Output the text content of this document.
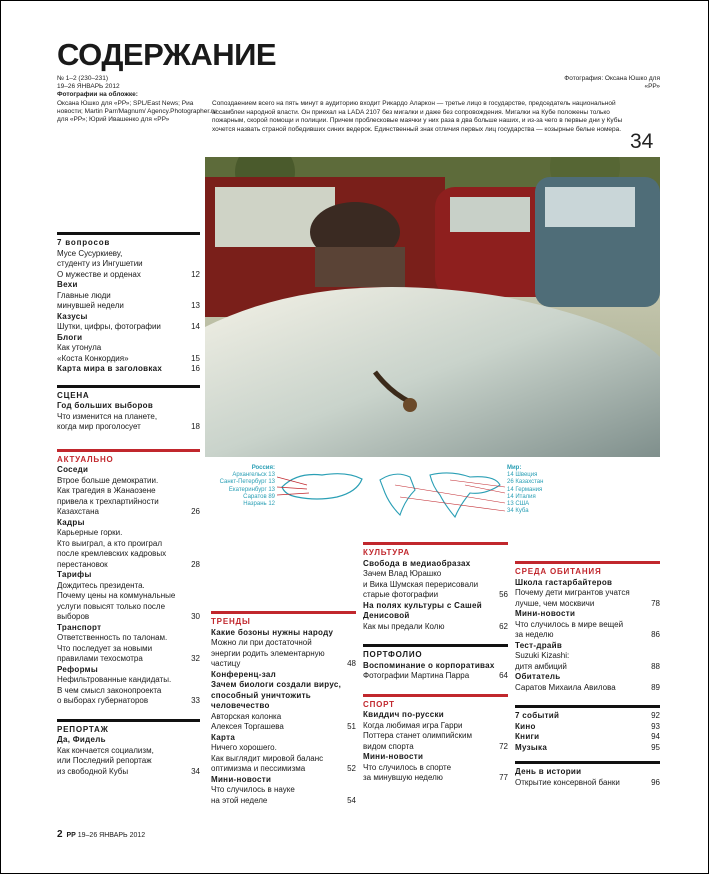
СОДЕРЖАНИЕ
№ 1–2 (230–231)
19–26 ЯНВАРЬ 2012
Фотографии на обложке:
Оксана Юшко для «РР»; SPL/East News; Риа новости; Martin Parr/Magnum/ Agency.Photographer.ru для «РР»; Юрий Ивашенко для «РР»
Фотография: Оксана Юшко для «РР»
Сопоздаением всего на пять минут в аудиторию входит Рикардо Аларкон — третье лицо в государстве, председатель национальной ассамблеи народной власти. Он приехал на LADA 2107 без мигалки и даже без сопровождения. Мигалки на Кубе положены только пожарным, скорой помощи и полиции. Причем проблесковые маячки у них раза в два больше наших, и из-за чего в первые дни у Кубы хочется назвать страной победивших синих ведерок. Единственный знак отличия первых лиц государства — козырные белые номера.
34
Россия:
Архангельск 13
Санкт-Петербург 13
Екатеринбург 13
Саратов 89
Назрань 12
Мир:
14 Швеция
26 Казахстан
14 Германия
14 Италия
13 США
34 Куба
7 вопросов
Мусе Сусуркиеву,
студенту из Ингушетии
О мужестве и орденах	12
Вехи
Главные люди
минувшей недели	13
Казусы
Шутки, цифры, фотографии	14
Блоги
Как утонула
«Коста Конкордия»	15
Карта мира в заголовках	16
СЦЕНА
Год больших выборов
Что изменится на планете,
когда мир проголосует	18
АКТУАЛЬНО
Соседи
Втрое больше демократии.
Как трагедия в Жанаозене
привела к трехпартийности
Казахстана	26
Кадры
Карьерные горки.
Кто выиграл, а кто проиграл
после кремлевских кадровых
перестановок	28
Тарифы
Дождитесь президента.
Почему цены на коммунальные
услуги повысят только после
выборов	30
Транспорт
Ответственность по талонам.
Что последует за новыми
правилами техосмотра	32
Реформы
Нефильтрованные кандидаты.
В чем смысл законопроекта
о выборах губернаторов	33
РЕПОРТАЖ
Да, Фидель
Как кончается социализм,
или Последний репортаж
из свободной Кубы	34
ТРЕНДЫ
Какие бозоны нужны народу
Можно ли при достаточной
энергии родить элементарную
частицу	48
Конференц-зал
Зачем биологи создали вирус, способный уничтожить человечество
Авторская колонка
Алексея Торгашева	51
Карта
Ничего хорошего.
Как выглядит мировой баланс
оптимизма и пессимизма	52
Мини-новости
Что случилось в науке
на этой неделе	54
КУЛЬТУРА
Свобода в медиаобразах
Зачем Влад Юрашко
и Вика Шумская перерисовали
старые фотографии	56
На полях культуры с Сашей Денисовой
Как мы предали Колю	62
ПОРТФОЛИО
Воспоминание о корпоративах
Фотографии Мартина Парра	64
СПОРТ
Квиддич по-русски
Когда любимая игра Гарри
Поттера станет олимпийским
видом спорта	72
Мини-новости
Что случилось в спорте
за минувшую неделю	77
СРЕДА ОБИТАНИЯ
Школа гастарбайтеров
Почему дети мигрантов учатся
лучше, чем москвичи	78
Мини-новости
Что случилось в мире вещей
за неделю	86
Тест-драйв
Suzuki Kizashi:
дитя амбиций	88
Обитатель
Саратов Михаила Авилова	89
7 событий	92
Кино	93
Книги	94
Музыка	95
День в истории
Открытие консервной банки	96
2 РР 19–26 ЯНВАРЬ 2012
